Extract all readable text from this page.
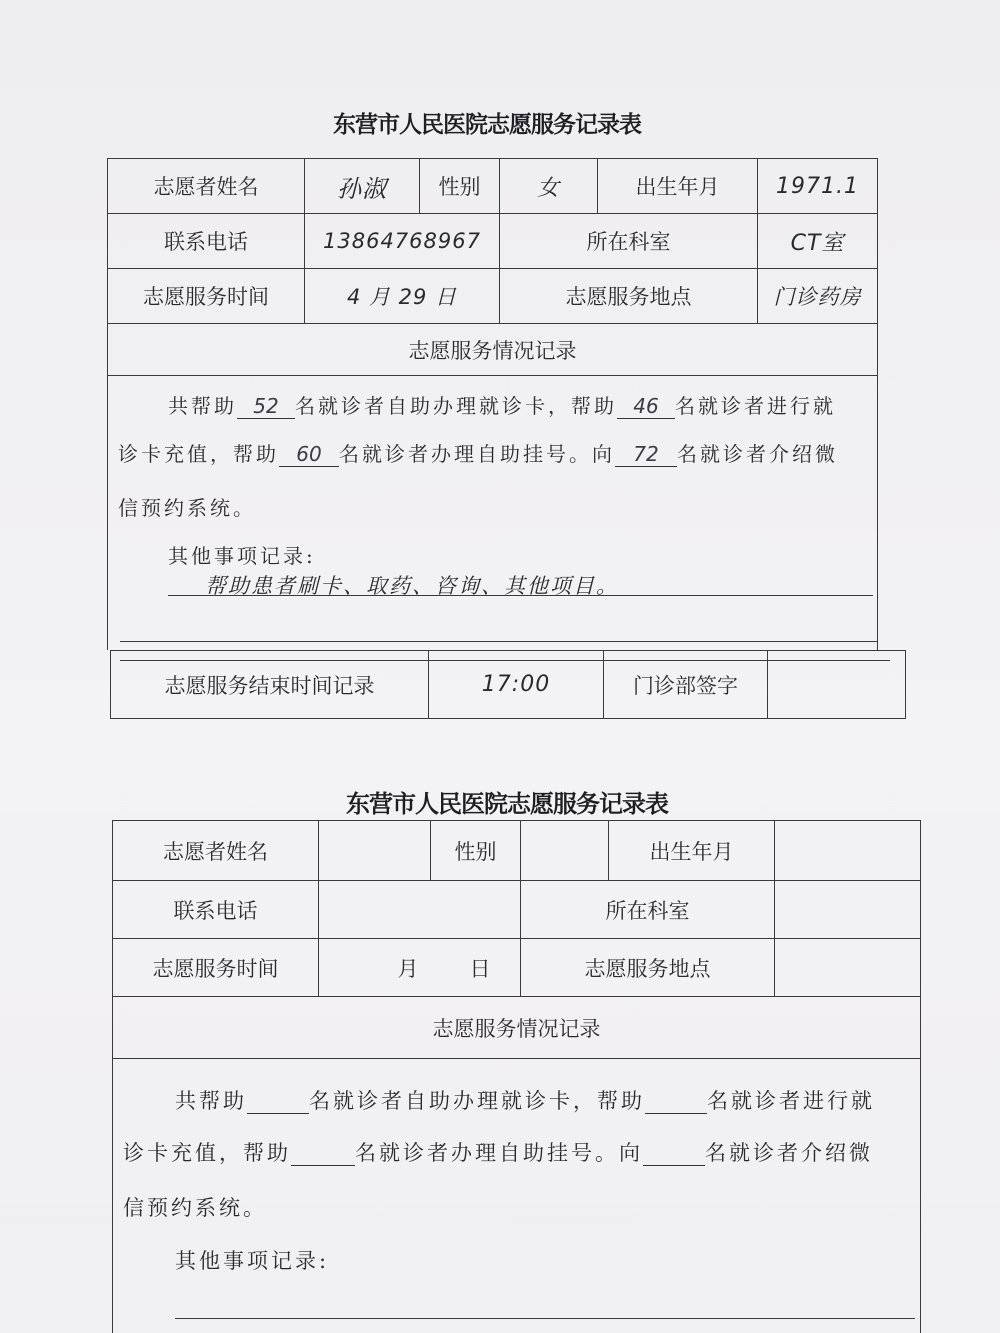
东营市人民医院志愿服务记录表
志愿者姓名	孙淑	性别	女	出生年月	1971.1
联系电话	13864768967		所在科室		CT室
志愿服务时间	4 月 29 日		志愿服务地点		门诊药房
志愿服务情况记录					
共帮助 52 名就诊者自助办理就诊卡，帮助 46 名就诊者进行就
诊卡充值，帮助 60 名就诊者办理自助挂号。向 72 名就诊者介绍微
信预约系统。
其他事项记录:
帮助患者刷卡、取药、咨询、其他项目。
志愿服务结束时间记录	17:00	门诊部签字	
东营市人民医院志愿服务记录表
志愿者姓名		性别		出生年月	
联系电话			所在科室		
志愿服务时间	月 日		志愿服务地点		
志愿服务情况记录					
共帮助	名就诊者自助办理就诊卡，帮助	名就诊者进行就
诊卡充值，帮助	名就诊者办理自助挂号。向	名就诊者介绍微
信预约系统。
其他事项记录:
